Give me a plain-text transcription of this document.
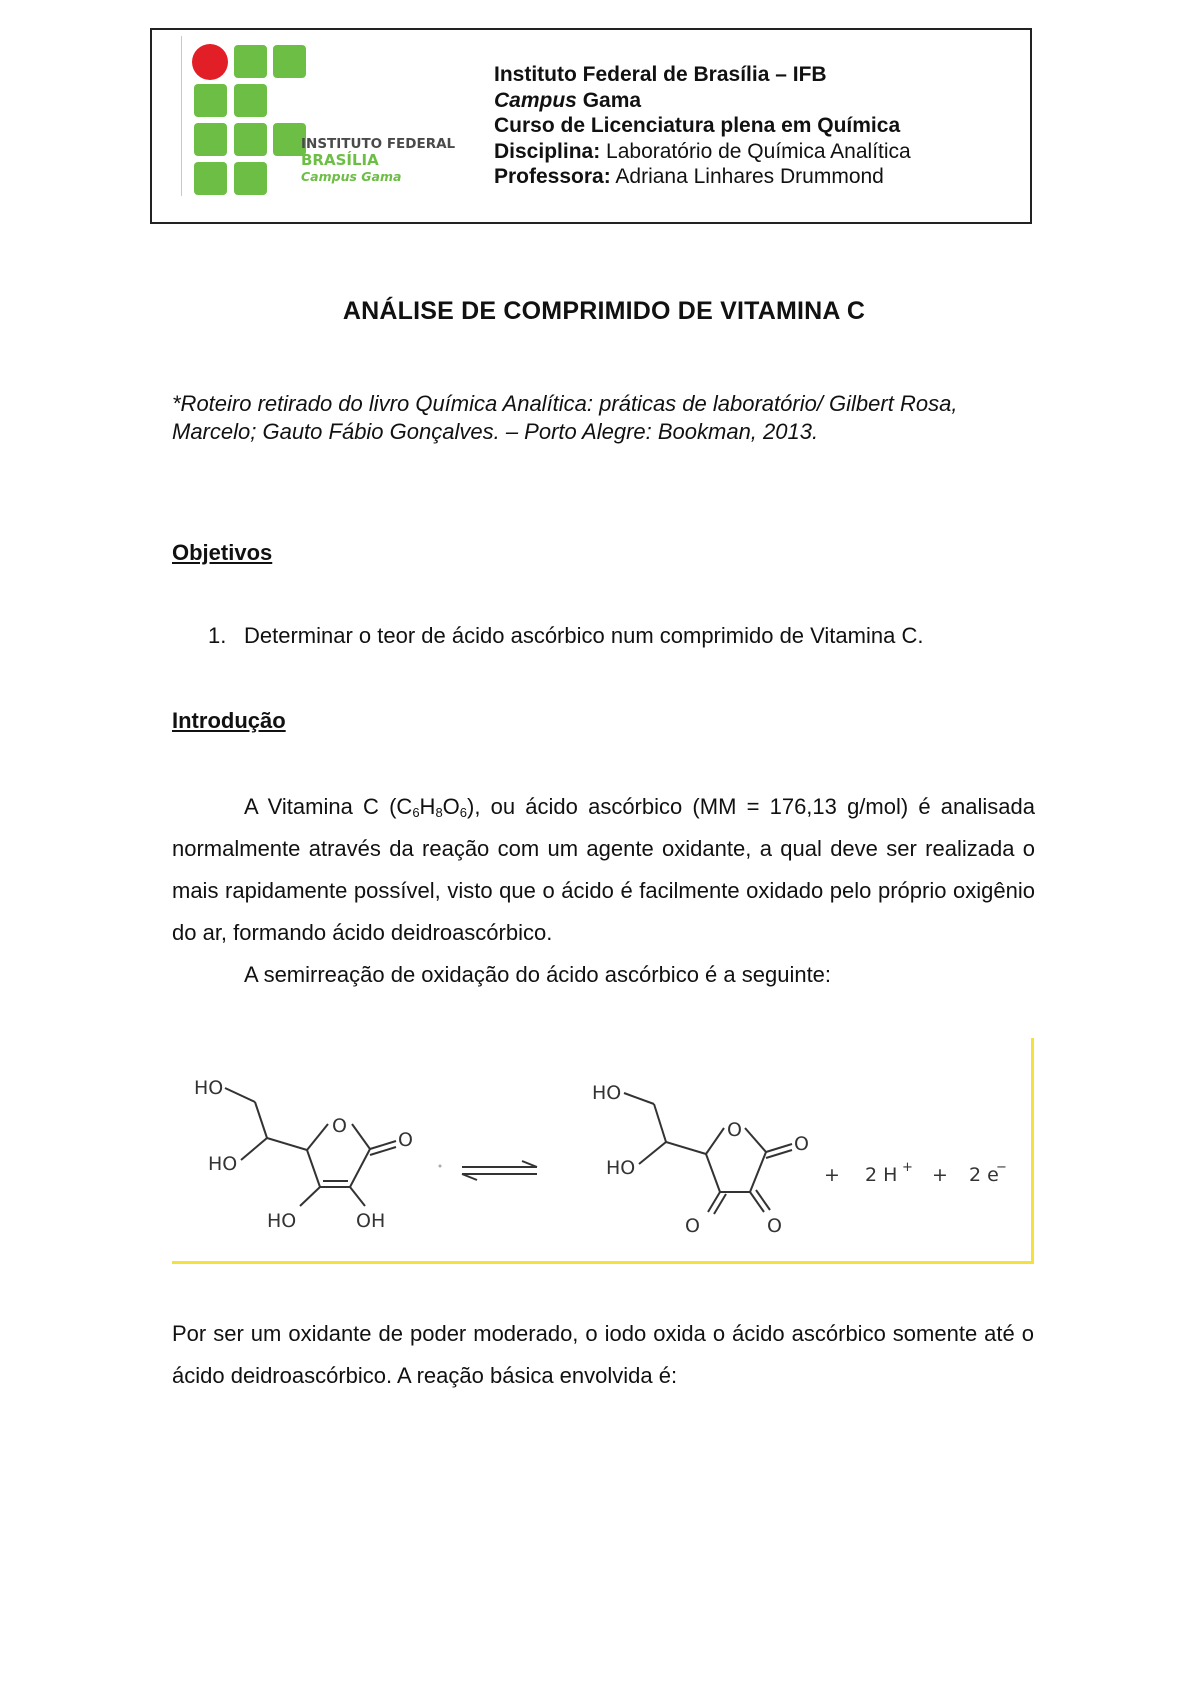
INSTITUTO FEDERAL
BRASÍLIA
Campus Gama
Instituto Federal de Brasília – IFB
Campus Gama
Curso de Licenciatura plena em Química
Disciplina: Laboratório de Química Analítica
Professora: Adriana Linhares Drummond
ANÁLISE DE COMPRIMIDO DE VITAMINA C
*Roteiro retirado do livro Química Analítica: práticas de laboratório/ Gilbert Rosa, Marcelo; Gauto Fábio Gonçalves. – Porto Alegre: Bookman, 2013.
Objetivos
1. Determinar o teor de ácido ascórbico num comprimido de Vitamina C.
Introdução

A Vitamina C $(C_6H_8O_6)$, ou ácido ascórbico (MM = 176,13 g/mol) é analisada normalmente através da reação com um agente oxidante, a qual deve ser realizada o mais rapidamente possível, visto que o ácido é facilmente oxidado pelo próprio oxigênio do ar, formando ácido deidroascórbico.

A semirreação de oxidação do ácido ascórbico é a seguinte:

HO
HO
HO	OH
O
O
HO
HO
O
O
O	O
+ 2 H + + 2 e
−

Por ser um oxidante de poder moderado, o iodo oxida o ácido ascórbico somente até o ácido deidroascórbico. A reação básica envolvida é:
